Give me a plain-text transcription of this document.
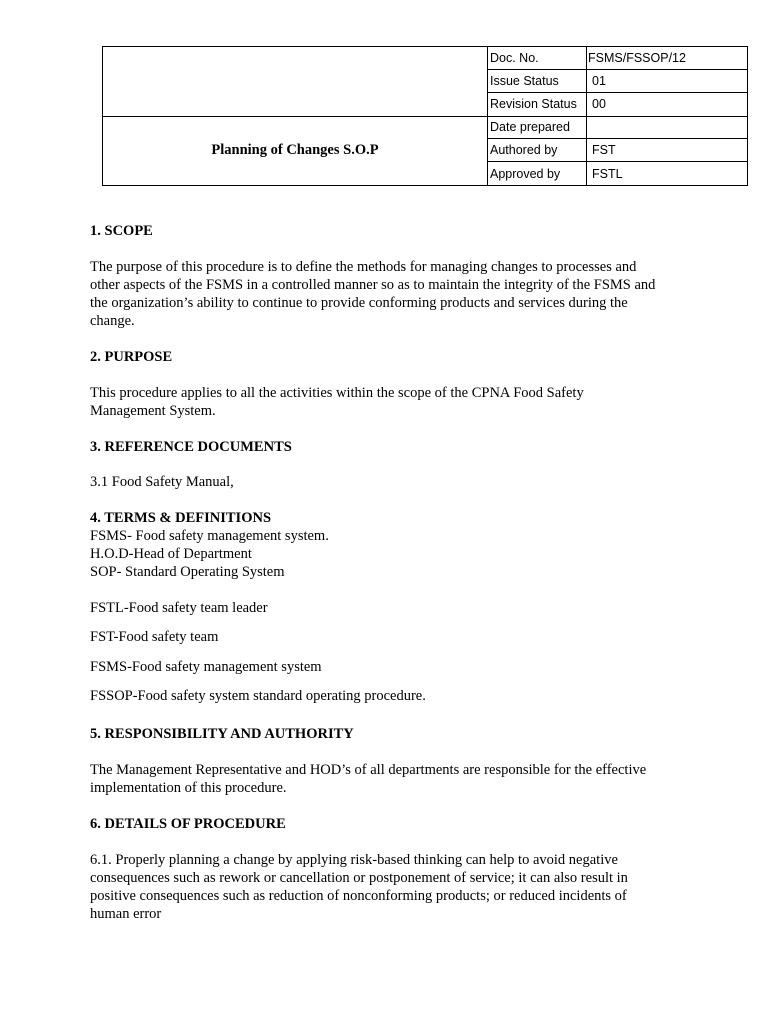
Planning of Changes S.O.P
Doc. No.	FSMS/FSSOP/12
Issue Status	01
Revision Status 00
Date prepared
Authored by	FST
Approved by	FSTL

1. SCOPE

The purpose of this procedure is to define the methods for managing changes to processes and

other aspects of the FSMS in a controlled manner so as to maintain the integrity of the FSMS and

the organization’s ability to continue to provide conforming products and services during the

change.

2. PURPOSE

This procedure applies to all the activities within the scope of the CPNA Food Safety

Management System.

3. REFERENCE DOCUMENTS

3.1 Food Safety Manual,

4. TERMS & DEFINITIONS

FSMS- Food safety management system.

H.O.D-Head of Department

SOP- Standard Operating System

FSTL-Food safety team leader

FST-Food safety team

FSMS-Food safety management system

FSSOP-Food safety system standard operating procedure.

5. RESPONSIBILITY AND AUTHORITY

The Management Representative and HOD’s of all departments are responsible for the effective

implementation of this procedure.

6. DETAILS OF PROCEDURE

6.1. Properly planning a change by applying risk-based thinking can help to avoid negative

consequences such as rework or cancellation or postponement of service; it can also result in

positive consequences such as reduction of nonconforming products; or reduced incidents of

human error
